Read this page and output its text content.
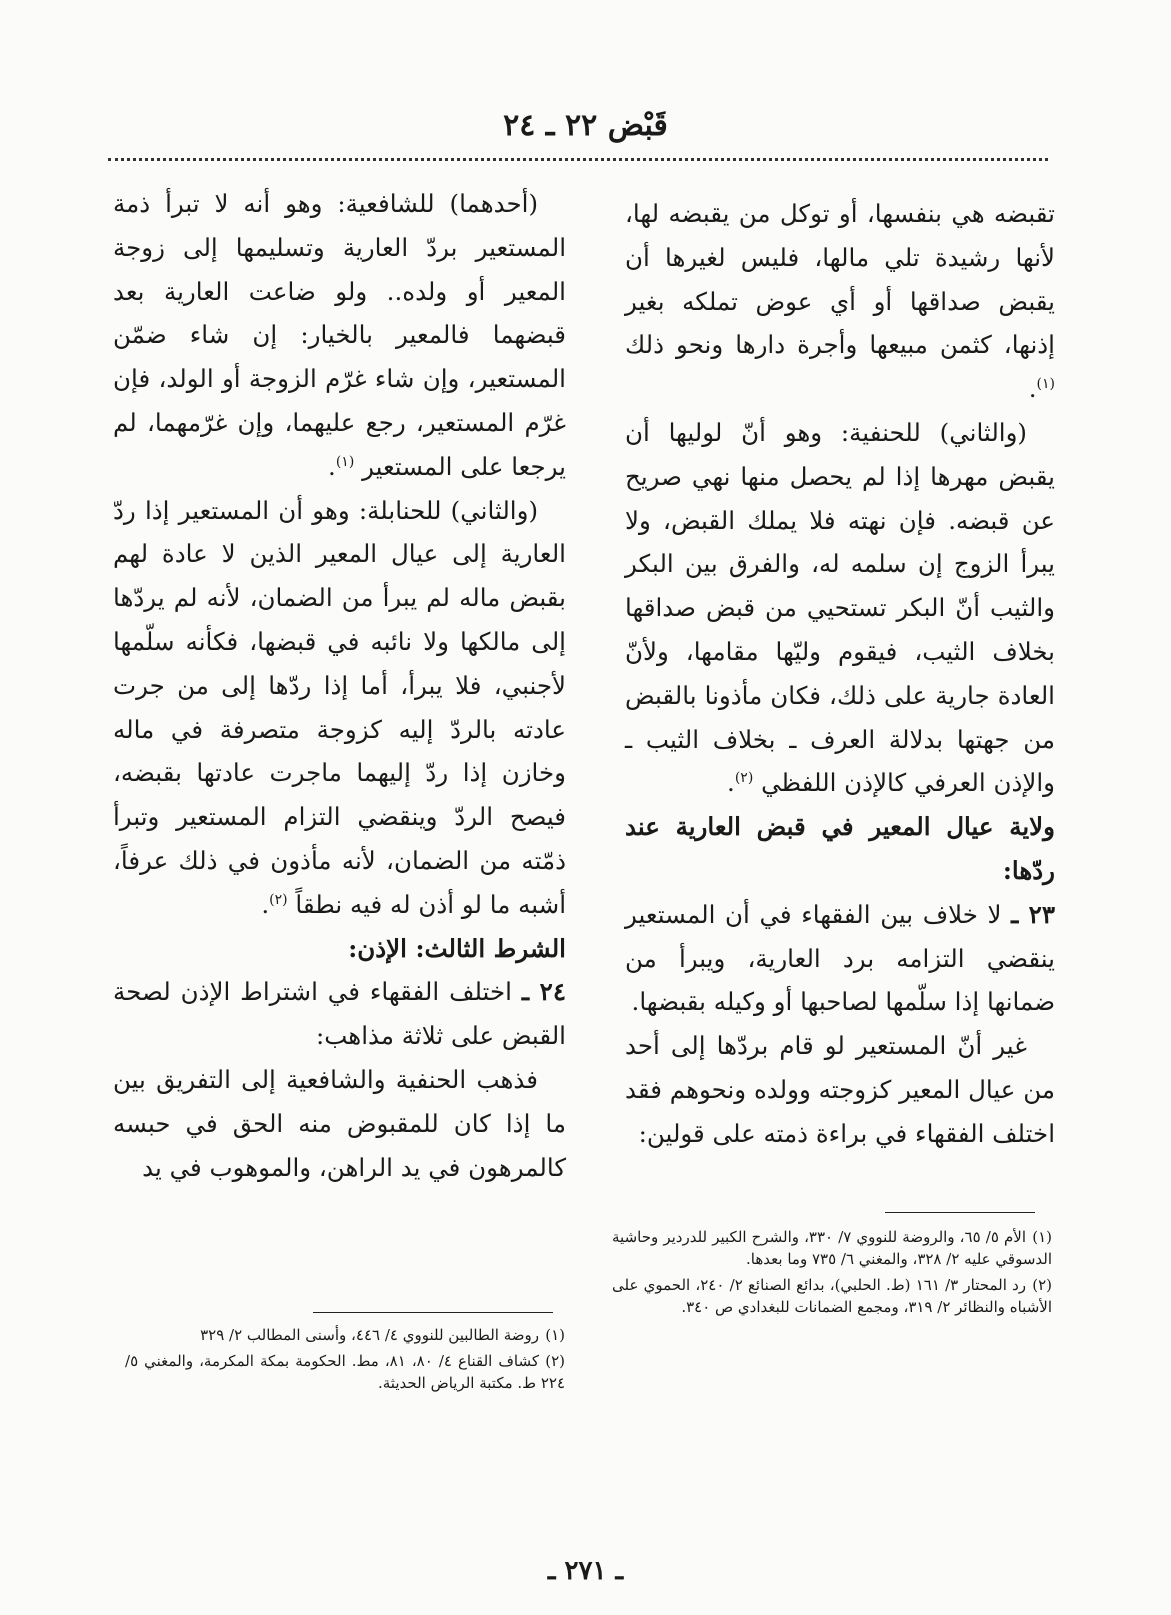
قَبْض ٢٢ ـ ٢٤

تقبضه هي بنفسها، أو توكل من يقبضه لها، لأنها رشيدة تلي مالها، فليس لغيرها أن يقبض صداقها أو أي عوض تملكه بغير إذنها، كثمن مبيعها وأجرة دارها ونحو ذلك $^{(١)}$.

(والثاني) للحنفية: وهو أنّ لوليها أن يقبض مهرها إذا لم يحصل منها نهي صريح عن قبضه. فإن نهته فلا يملك القبض، ولا يبرأ الزوج إن سلمه له، والفرق بين البكر والثيب أنّ البكر تستحيي من قبض صداقها بخلاف الثيب، فيقوم وليّها مقامها، ولأنّ العادة جارية على ذلك، فكان مأذونا بالقبض من جهتها بدلالة العرف ـ بخلاف الثيب ـ والإذن العرفي كالإذن اللفظي $^{(٢)}$.

ولاية عيال المعير في قبض العارية عند ردّها:

٢٣ ـ لا خلاف بين الفقهاء في أن المستعير ينقضي التزامه برد العارية، ويبرأ من ضمانها إذا سلّمها لصاحبها أو وكيله بقبضها.

غير أنّ المستعير لو قام بردّها إلى أحد من عيال المعير كزوجته وولده ونحوهم فقد اختلف الفقهاء في براءة ذمته على قولين:

(أحدهما) للشافعية: وهو أنه لا تبرأ ذمة المستعير بردّ العارية وتسليمها إلى زوجة المعير أو ولده.. ولو ضاعت العارية بعد قبضهما فالمعير بالخيار: إن شاء ضمّن المستعير، وإن شاء غرّم الزوجة أو الولد، فإن غرّم المستعير، رجع عليهما، وإن غرّمهما، لم يرجعا على المستعير $^{(١)}$.

(والثاني) للحنابلة: وهو أن المستعير إذا ردّ العارية إلى عيال المعير الذين لا عادة لهم بقبض ماله لم يبرأ من الضمان، لأنه لم يردّها إلى مالكها ولا نائبه في قبضها، فكأنه سلّمها لأجنبي، فلا يبرأ، أما إذا ردّها إلى من جرت عادته بالردّ إليه كزوجة متصرفة في ماله وخازن إذا ردّ إليهما ماجرت عادتها بقبضه، فيصح الردّ وينقضي التزام المستعير وتبرأ ذمّته من الضمان، لأنه مأذون في ذلك عرفاً، أشبه ما لو أذن له فيه نطقاً $^{(٢)}$.

الشرط الثالث: الإذن:

٢٤ ـ اختلف الفقهاء في اشتراط الإذن لصحة القبض على ثلاثة مذاهب:

فذهب الحنفية والشافعية إلى التفريق بين ما إذا كان للمقبوض منه الحق في حبسه كالمرهون في يد الراهن، والموهوب في يد

(١)الأم ٥/ ٦٥، والروضة للنووي ٧/ ٣٣٠، والشرح الكبير للدردير وحاشية الدسوقي عليه ٢/ ٣٢٨، والمغني ٦/ ٧٣٥ وما بعدها.

(٢)رد المحتار ٣/ ١٦١ (ط. الحلبي)، بدائع الصنائع ٢/ ٢٤٠، الحموي على الأشباه والنظائر ٢/ ٣١٩، ومجمع الضمانات للبغدادي ص ٣٤٠.

(١)روضة الطالبين للنووي ٤/ ٤٤٦، وأسنى المطالب ٢/ ٣٢٩

(٢)كشاف القناع ٤/ ٨٠، ٨١، مط. الحكومة بمكة المكرمة، والمغني ٥/ ٢٢٤ ط. مكتبة الرياض الحديثة.

ـ ٢٧١ ـ
